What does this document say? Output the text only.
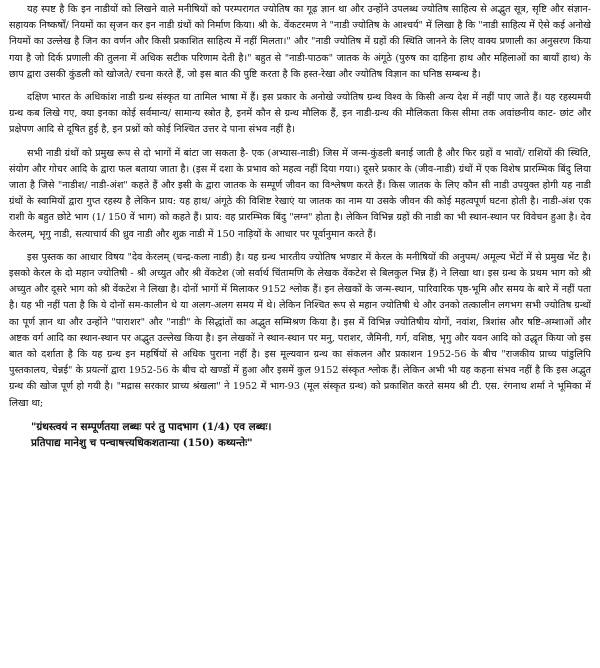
यह स्पष्ट है कि इन नाडीयों को लिखने वाले मनीषियों को परम्परागत ज्योतिष का गूढ़ ज्ञान था और उन्होंने उपलब्ध ज्योतिष साहित्य से अद्भुत सूत्र, सृष्टि और संज्ञान-सहायक निष्कर्षों/ नियमों का सृजन कर इन नाडी ग्रंथों को निर्माण किया। श्री के. वेंकटरमण ने "नाडी ज्योतिष के आश्चर्य" में लिखा है कि "नाडी साहित्य में ऐसे कई अनोखे नियमों का उल्लेख है जिन का वर्णन और किसी प्रकाशित साहित्य में नहीं मिलता।" और "नाडी ज्योतिष में ग्रहों की स्थिति जानने के लिए वाक्य प्रणाली का अनुसरण किया गया है जो दिर्क प्रणाली की तुलना में अधिक सटीक परिणाम देती है।" बहुत से "नाडी-पाठक" जातक के अंगूठे (पुरुष का दाहिना हाथ और महिलाओं का बायाँ हाथ) के छाप द्वारा उसकी कुंडली को खोजते/ रचना करते हैं, जो इस बात की पुष्टि करता है कि हस्त-रेखा और ज्योतिष विज्ञान का घनिष्ठ सम्बन्ध है।

दक्षिण भारत के अधिकांश नाडी ग्रन्थ संस्कृत या तामिल भाषा में हैं। इस प्रकार के अनोखे ज्योतिष ग्रन्थ विश्व के किसी अन्य देश में नहीं पाए जाते हैं। यह रहस्यमयी ग्रन्थ कब लिखे गए, क्या इनका कोई सर्वमान्य/ सामान्य स्त्रोत है, इनमें कौन से ग्रन्थ मौलिक हैं, इन नाडी-ग्रन्थ की मौलिकता किस सीमा तक अवांछनीय काट- छांट और प्रक्षेपण आदि से दूषित हुई है, इन प्रश्नों को कोई निश्चित उत्तर दे पाना संभव नहीं है।

सभी नाडी ग्रंथों को प्रमुख रूप से दो भागों में बांटा जा सकता है- एक (अभ्यास-नाडी) जिस में जन्म-कुंडली बनाई जाती है और फिर ग्रहों व भावों/ राशियों की स्थिति, संयोग और गोचर आदि के द्वारा फल बताया जाता है। (इस में दशा के प्रभाव को महत्व नहीं दिया गया।) दूसरे प्रकार के (जीव-नाडी) ग्रंथों में एक विशेष प्रारम्भिक बिंदु लिया जाता है जिसे "नाडीश/ नाडी-अंश" कहते हैं और इसी के द्वारा जातक के सम्पूर्ण जीवन का विश्लेषण करते हैं। किस जातक के लिए कौन सी नाडी उपयुक्त होगी यह नाडी ग्रंथों के स्वामियों द्वारा गुप्त रहस्य है लेकिन प्राय: यह हाथ/ अंगूठे की विशिष्ट रेखाएं या जातक का नाम या उसके जीवन की कोई महत्वपूर्ण घटना होती है। नाडी-अंश एक राशी के बहुत छोटे भाग (1/ 150 वें भाग) को कहते हैं। प्राय: वह प्रारम्भिक बिंदु "लग्न" होता है। लेकिन विभिन्न ग्रहों की नाडी का भी स्थान-स्थान पर विवेचन हुआ है। देव केरलम्, भृगु नाडी, सत्याचार्य की ध्रुव नाडी और शुक्र नाडी में 150 नाड़ियों के आधार पर पूर्वानुमान करते हैं।

इस पुस्तक का आधार विषय "देव केरलम् (चन्द्र-कला नाडी) है। यह ग्रन्थ भारतीय ज्योतिष भण्डार में केरल के मनीषियों की अनुपम/ अमूल्य भेंटों में से प्रमुख भेंट है। इसको केरल के दो महान ज्योतिषी - श्री अच्युत और श्री वेंकटेश (जो सर्वार्थ चिंतामणि के लेखक वेंकटेश से बिलकुल भिन्न हैं) ने लिखा था। इस ग्रन्थ के प्रथम भाग को श्री अच्युत और दूसरे भाग को श्री वेंकटेश ने लिखा है। दोनों भागों में मिलाकर 9152 श्लोक हैं। इन लेखकों के जन्म-स्थान, पारिवारिक पृष्ठ-भूमि और समय के बारे में नहीं पता है। यह भी नहीं पता है कि ये दोनों सम-कालीन थे या अलग-अलग समय में थे। लेकिन निश्चित रूप से महान ज्योतिषी थे और उनको तत्कालीन लगभग सभी ज्योतिष ग्रन्थों का पूर्ण ज्ञान था और उन्होंने "पाराशर" और "नाडी" के सिद्धांतों का अद्भुत सम्मिश्रण किया है। इस में विभिन्न ज्योतिषीय योगों, नवांश, त्रिशांस और षष्टि-अम्शाओं और अष्टक वर्ग आदि का स्थान-स्थान पर अद्भुत उल्लेख किया है। इन लेखकों ने स्थान-स्थान पर मनु, पराशर, जैमिनी, गर्ग, वशिष्ठ, भृगु और यवन आदि को उद्धृत किया जो इस बात को दर्शाता है कि यह ग्रन्थ इन महर्षियों से अधिक पुराना नहीं है। इस मूल्यवान ग्रन्थ का संकलन और प्रकाशन 1952-56 के बीच "राजकीय प्राच्य पांडुलिपि पुस्तकालय, चेन्नई" के प्रयत्नों द्वारा 1952-56 के बीच दो खण्डों में हुआ और इसमें कुल 9152 संस्कृत श्लोक हैं। लेकिन अभी भी यह कहना संभव नहीं है कि इस अद्भुत ग्रन्थ की खोज पूर्ण हो गयी है। "मद्रास सरकार प्राच्य श्रंखला" ने 1952 में भाग-93 (मूल संस्कृत ग्रन्थ) को प्रकाशित करते समय श्री टी. एस. रंगनाथ शर्मा ने भूमिका में लिखा था;

"ग्रंथस्त्वयं न सम्पूर्णतया लब्धः परं तु पादभाग (1/4) एव लब्धः।
प्रतिपाद्य मानेशु च पन्चाषत्त्यधिकशतान्या (150) कथ्यन्तेः"
